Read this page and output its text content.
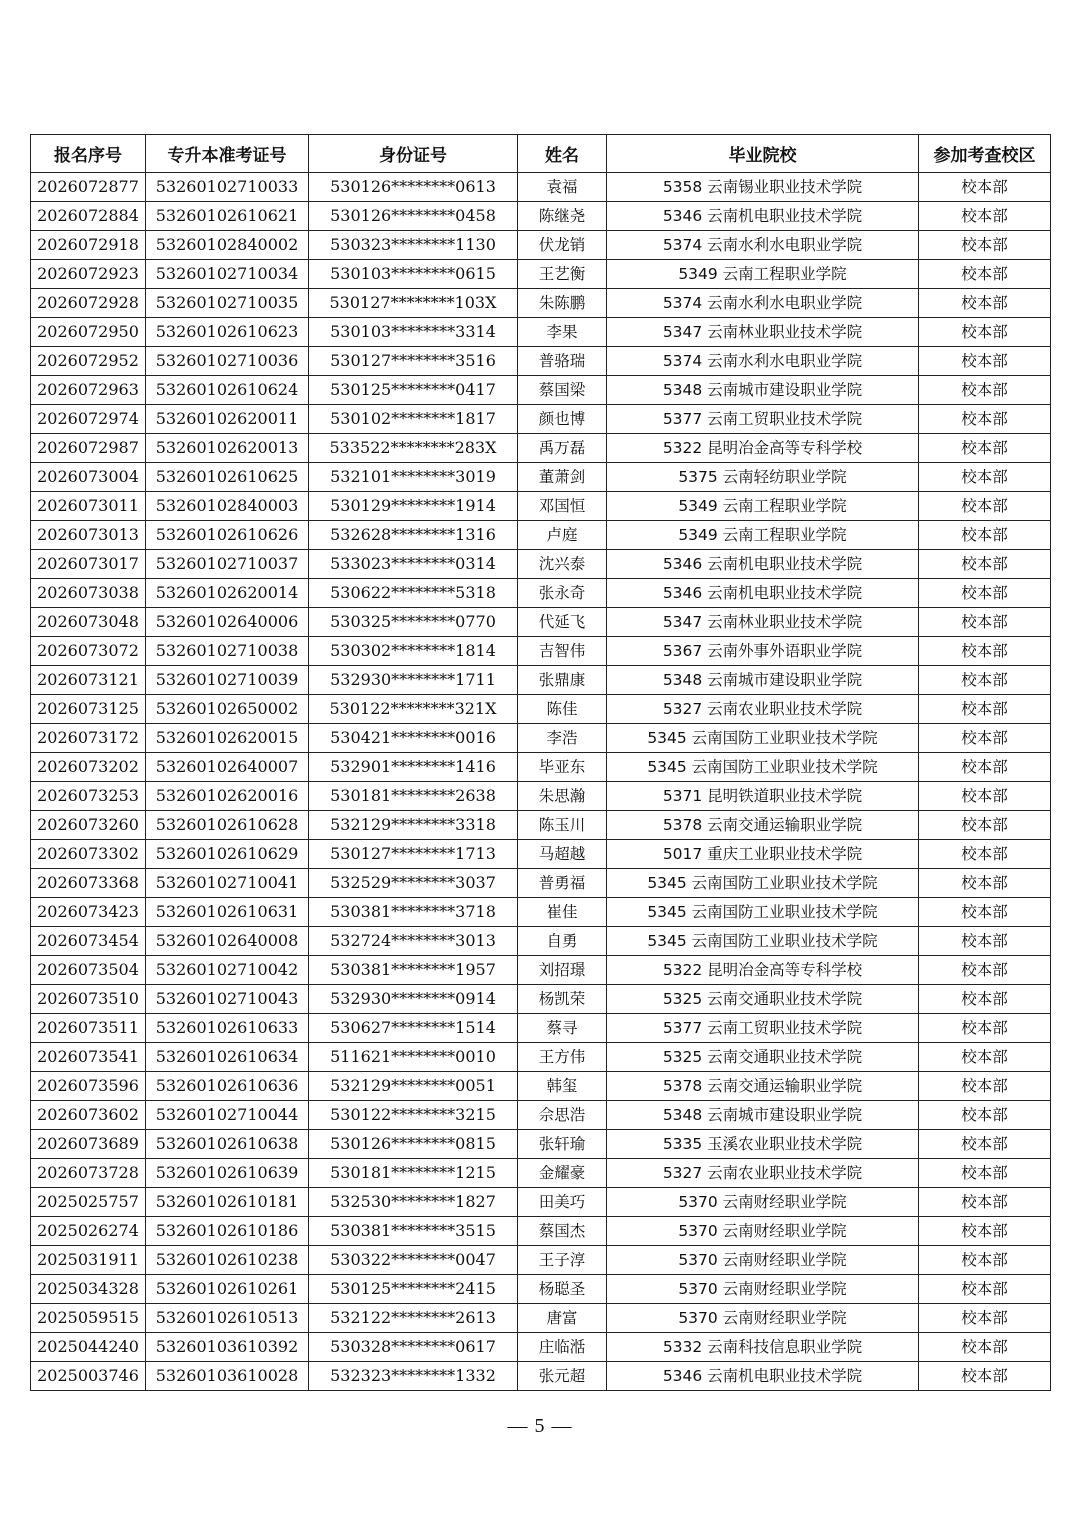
报名序号	专升本准考证号	身份证号	姓名	毕业院校	参加考查校区
2026072877	53260102710033	530126********0613	袁福	5358 云南锡业职业技术学院	校本部
2026072884	53260102610621	530126********0458	陈继尧	5346 云南机电职业技术学院	校本部
2026072918	53260102840002	530323********1130	伏龙销	5374 云南水利水电职业学院	校本部
2026072923	53260102710034	530103********0615	王艺衡	5349 云南工程职业学院	校本部
2026072928	53260102710035	530127********103X	朱陈鹏	5374 云南水利水电职业学院	校本部
2026072950	53260102610623	530103********3314	李果	5347 云南林业职业技术学院	校本部
2026072952	53260102710036	530127********3516	普骆瑞	5374 云南水利水电职业学院	校本部
2026072963	53260102610624	530125********0417	蔡国梁	5348 云南城市建设职业学院	校本部
2026072974	53260102620011	530102********1817	颜也博	5377 云南工贸职业技术学院	校本部
2026072987	53260102620013	533522********283X	禹万磊	5322 昆明冶金高等专科学校	校本部
2026073004	53260102610625	532101********3019	董萧剑	5375 云南轻纺职业学院	校本部
2026073011	53260102840003	530129********1914	邓国恒	5349 云南工程职业学院	校本部
2026073013	53260102610626	532628********1316	卢庭	5349 云南工程职业学院	校本部
2026073017	53260102710037	533023********0314	沈兴泰	5346 云南机电职业技术学院	校本部
2026073038	53260102620014	530622********5318	张永奇	5346 云南机电职业技术学院	校本部
2026073048	53260102640006	530325********0770	代延飞	5347 云南林业职业技术学院	校本部
2026073072	53260102710038	530302********1814	吉智伟	5367 云南外事外语职业学院	校本部
2026073121	53260102710039	532930********1711	张鼎康	5348 云南城市建设职业学院	校本部
2026073125	53260102650002	530122********321X	陈佳	5327 云南农业职业技术学院	校本部
2026073172	53260102620015	530421********0016	李浩	5345 云南国防工业职业技术学院	校本部
2026073202	53260102640007	532901********1416	毕亚东	5345 云南国防工业职业技术学院	校本部
2026073253	53260102620016	530181********2638	朱思瀚	5371 昆明铁道职业技术学院	校本部
2026073260	53260102610628	532129********3318	陈玉川	5378 云南交通运输职业学院	校本部
2026073302	53260102610629	530127********1713	马超越	5017 重庆工业职业技术学院	校本部
2026073368	53260102710041	532529********3037	普勇福	5345 云南国防工业职业技术学院	校本部
2026073423	53260102610631	530381********3718	崔佳	5345 云南国防工业职业技术学院	校本部
2026073454	53260102640008	532724********3013	自勇	5345 云南国防工业职业技术学院	校本部
2026073504	53260102710042	530381********1957	刘招璟	5322 昆明冶金高等专科学校	校本部
2026073510	53260102710043	532930********0914	杨凯荣	5325 云南交通职业技术学院	校本部
2026073511	53260102610633	530627********1514	蔡寻	5377 云南工贸职业技术学院	校本部
2026073541	53260102610634	511621********0010	王方伟	5325 云南交通职业技术学院	校本部
2026073596	53260102610636	532129********0051	韩玺	5378 云南交通运输职业学院	校本部
2026073602	53260102710044	530122********3215	佘思浩	5348 云南城市建设职业学院	校本部
2026073689	53260102610638	530126********0815	张轩瑜	5335 玉溪农业职业技术学院	校本部
2026073728	53260102610639	530181********1215	金耀豪	5327 云南农业职业技术学院	校本部
2025025757	53260102610181	532530********1827	田美巧	5370 云南财经职业学院	校本部
2025026274	53260102610186	530381********3515	蔡国杰	5370 云南财经职业学院	校本部
2025031911	53260102610238	530322********0047	王子淳	5370 云南财经职业学院	校本部
2025034328	53260102610261	530125********2415	杨聪圣	5370 云南财经职业学院	校本部
2025059515	53260102610513	532122********2613	唐富	5370 云南财经职业学院	校本部
2025044240	53260103610392	530328********0617	庄临湉	5332 云南科技信息职业学院	校本部
2025003746	53260103610028	532323********1332	张元超	5346 云南机电职业技术学院	校本部
— 5 —
